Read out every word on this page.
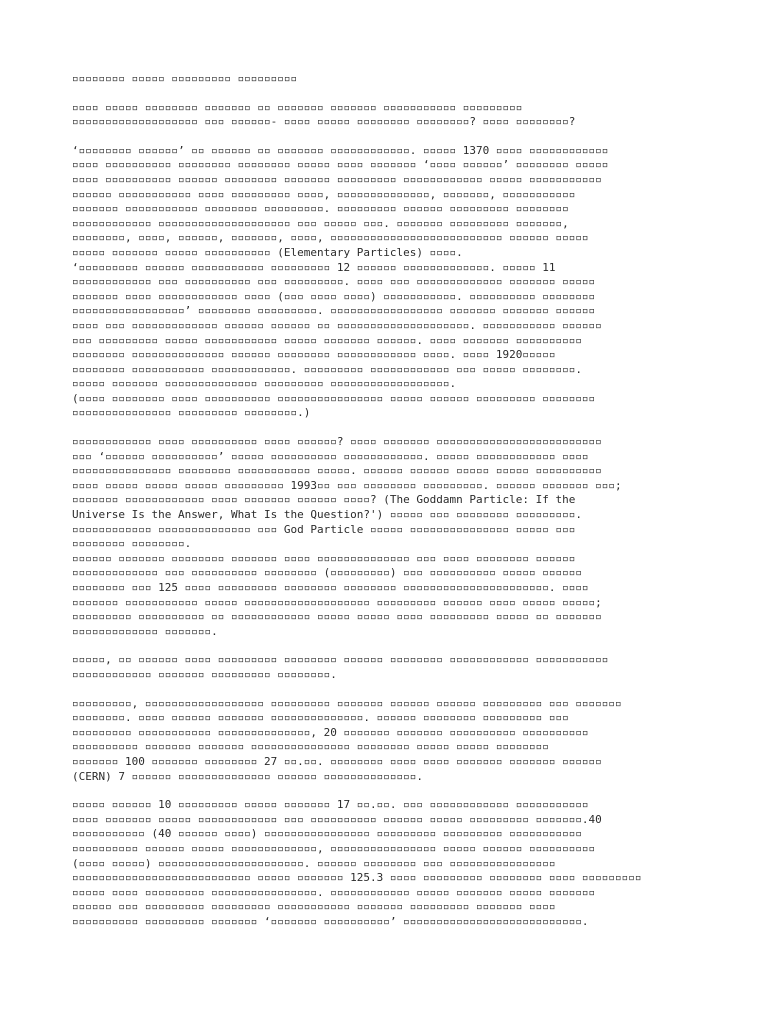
▫▫▫▫▫▫▫▫ ▫▫▫▫▫ ▫▫▫▫▫▫▫▫▫ ▫▫▫▫▫▫▫▫▫
▫▫▫▫ ▫▫▫▫▫ ▫▫▫▫▫▫▫▫ ▫▫▫▫▫▫▫ ▫▫ ▫▫▫▫▫▫▫ ▫▫▫▫▫▫▫ ▫▫▫▫▫▫▫▫▫▫▫ ▫▫▫▫▫▫▫▫▫
▫▫▫▫▫▫▫▫▫▫▫▫▫▫▫▫▫▫▫ ▫▫▫ ▫▫▫▫▫▫- ▫▫▫▫ ▫▫▫▫▫ ▫▫▫▫▫▫▫▫ ▫▫▫▫▫▫▫▫? ▫▫▫▫ ▫▫▫▫▫▫▫▫?
‘▫▫▫▫▫▫▫▫ ▫▫▫▫▫▫’ ▫▫ ▫▫▫▫▫▫ ▫▫ ▫▫▫▫▫▫▫ ▫▫▫▫▫▫▫▫▫▫▫▫. ▫▫▫▫▫ 1370 ▫▫▫▫ ▫▫▫▫▫▫▫▫▫▫▫▫
▫▫▫▫ ▫▫▫▫▫▫▫▫▫▫ ▫▫▫▫▫▫▫▫ ▫▫▫▫▫▫▫▫ ▫▫▫▫▫ ▫▫▫▫ ▫▫▫▫▫▫▫ ‘▫▫▫▫ ▫▫▫▫▫▫’ ▫▫▫▫▫▫▫▫ ▫▫▫▫▫
▫▫▫▫ ▫▫▫▫▫▫▫▫▫▫ ▫▫▫▫▫▫ ▫▫▫▫▫▫▫▫ ▫▫▫▫▫▫▫ ▫▫▫▫▫▫▫▫▫ ▫▫▫▫▫▫▫▫▫▫▫▫ ▫▫▫▫▫ ▫▫▫▫▫▫▫▫▫▫▫
▫▫▫▫▫▫ ▫▫▫▫▫▫▫▫▫▫▫ ▫▫▫▫ ▫▫▫▫▫▫▫▫▫ ▫▫▫▫, ▫▫▫▫▫▫▫▫▫▫▫▫▫▫, ▫▫▫▫▫▫▫, ▫▫▫▫▫▫▫▫▫▫▫
▫▫▫▫▫▫▫ ▫▫▫▫▫▫▫▫▫▫▫ ▫▫▫▫▫▫▫▫ ▫▫▫▫▫▫▫▫▫. ▫▫▫▫▫▫▫▫▫ ▫▫▫▫▫▫ ▫▫▫▫▫▫▫▫▫ ▫▫▫▫▫▫▫▫
▫▫▫▫▫▫▫▫▫▫▫▫ ▫▫▫▫▫▫▫▫▫▫▫▫▫▫▫▫▫▫▫▫ ▫▫▫ ▫▫▫▫▫ ▫▫▫. ▫▫▫▫▫▫▫ ▫▫▫▫▫▫▫▫▫ ▫▫▫▫▫▫▫,
▫▫▫▫▫▫▫▫, ▫▫▫▫, ▫▫▫▫▫▫, ▫▫▫▫▫▫▫, ▫▫▫▫, ▫▫▫▫▫▫▫▫▫▫▫▫▫▫▫▫▫▫▫▫▫▫▫▫▫▫ ▫▫▫▫▫▫ ▫▫▫▫▫
▫▫▫▫▫ ▫▫▫▫▫▫▫ ▫▫▫▫▫ ▫▫▫▫▫▫▫▫▫▫ (Elementary Particles) ▫▫▫▫.
‘▫▫▫▫▫▫▫▫▫ ▫▫▫▫▫▫ ▫▫▫▫▫▫▫▫▫▫▫ ▫▫▫▫▫▫▫▫▫ 12 ▫▫▫▫▫▫ ▫▫▫▫▫▫▫▫▫▫▫▫▫. ▫▫▫▫▫ 11
▫▫▫▫▫▫▫▫▫▫▫▫ ▫▫▫ ▫▫▫▫▫▫▫▫▫▫ ▫▫▫ ▫▫▫▫▫▫▫▫▫. ▫▫▫▫ ▫▫▫ ▫▫▫▫▫▫▫▫▫▫▫▫▫ ▫▫▫▫▫▫▫ ▫▫▫▫▫
▫▫▫▫▫▫▫ ▫▫▫▫ ▫▫▫▫▫▫▫▫▫▫▫▫ ▫▫▫▫ (▫▫▫ ▫▫▫▫ ▫▫▫▫) ▫▫▫▫▫▫▫▫▫▫▫. ▫▫▫▫▫▫▫▫▫▫ ▫▫▫▫▫▫▫▫
▫▫▫▫▫▫▫▫▫▫▫▫▫▫▫▫▫’ ▫▫▫▫▫▫▫▫ ▫▫▫▫▫▫▫▫▫. ▫▫▫▫▫▫▫▫▫▫▫▫▫▫▫▫▫ ▫▫▫▫▫▫▫ ▫▫▫▫▫▫▫ ▫▫▫▫▫▫
▫▫▫▫ ▫▫▫ ▫▫▫▫▫▫▫▫▫▫▫▫▫ ▫▫▫▫▫▫ ▫▫▫▫▫▫ ▫▫ ▫▫▫▫▫▫▫▫▫▫▫▫▫▫▫▫▫▫▫▫. ▫▫▫▫▫▫▫▫▫▫▫ ▫▫▫▫▫▫
▫▫▫ ▫▫▫▫▫▫▫▫▫ ▫▫▫▫▫ ▫▫▫▫▫▫▫▫▫▫▫ ▫▫▫▫▫ ▫▫▫▫▫▫▫ ▫▫▫▫▫▫. ▫▫▫▫ ▫▫▫▫▫▫▫ ▫▫▫▫▫▫▫▫▫▫
▫▫▫▫▫▫▫▫ ▫▫▫▫▫▫▫▫▫▫▫▫▫▫ ▫▫▫▫▫▫ ▫▫▫▫▫▫▫▫ ▫▫▫▫▫▫▫▫▫▫▫▫ ▫▫▫▫. ▫▫▫▫ 1920▫▫▫▫▫
▫▫▫▫▫▫▫▫ ▫▫▫▫▫▫▫▫▫▫▫ ▫▫▫▫▫▫▫▫▫▫▫▫. ▫▫▫▫▫▫▫▫▫ ▫▫▫▫▫▫▫▫▫▫▫▫ ▫▫▫ ▫▫▫▫▫ ▫▫▫▫▫▫▫▫.
▫▫▫▫▫ ▫▫▫▫▫▫▫ ▫▫▫▫▫▫▫▫▫▫▫▫▫▫ ▫▫▫▫▫▫▫▫▫ ▫▫▫▫▫▫▫▫▫▫▫▫▫▫▫▫▫▫.
(▫▫▫▫ ▫▫▫▫▫▫▫▫ ▫▫▫▫ ▫▫▫▫▫▫▫▫▫▫ ▫▫▫▫▫▫▫▫▫▫▫▫▫▫▫▫ ▫▫▫▫▫ ▫▫▫▫▫▫ ▫▫▫▫▫▫▫▫▫ ▫▫▫▫▫▫▫▫
▫▫▫▫▫▫▫▫▫▫▫▫▫▫▫ ▫▫▫▫▫▫▫▫▫ ▫▫▫▫▫▫▫▫.)
▫▫▫▫▫▫▫▫▫▫▫▫ ▫▫▫▫ ▫▫▫▫▫▫▫▫▫▫ ▫▫▫▫ ▫▫▫▫▫▫? ▫▫▫▫ ▫▫▫▫▫▫▫ ▫▫▫▫▫▫▫▫▫▫▫▫▫▫▫▫▫▫▫▫▫▫▫▫▫
▫▫▫ ‘▫▫▫▫▫▫ ▫▫▫▫▫▫▫▫▫▫’ ▫▫▫▫▫ ▫▫▫▫▫▫▫▫▫▫ ▫▫▫▫▫▫▫▫▫▫▫▫. ▫▫▫▫▫ ▫▫▫▫▫▫▫▫▫▫▫▫ ▫▫▫▫
▫▫▫▫▫▫▫▫▫▫▫▫▫▫▫ ▫▫▫▫▫▫▫▫ ▫▫▫▫▫▫▫▫▫▫▫ ▫▫▫▫▫. ▫▫▫▫▫▫ ▫▫▫▫▫▫ ▫▫▫▫▫ ▫▫▫▫▫ ▫▫▫▫▫▫▫▫▫▫
▫▫▫▫ ▫▫▫▫▫ ▫▫▫▫▫ ▫▫▫▫▫ ▫▫▫▫▫▫▫▫▫ 1993▫▫ ▫▫▫ ▫▫▫▫▫▫▫▫ ▫▫▫▫▫▫▫▫▫. ▫▫▫▫▫▫ ▫▫▫▫▫▫▫ ▫▫▫;
▫▫▫▫▫▫▫ ▫▫▫▫▫▫▫▫▫▫▫▫ ▫▫▫▫ ▫▫▫▫▫▫▫ ▫▫▫▫▫▫ ▫▫▫▫? (The Goddamn Particle: If the
Universe Is the Answer, What Is the Question?') ▫▫▫▫▫ ▫▫▫ ▫▫▫▫▫▫▫▫ ▫▫▫▫▫▫▫▫▫.
▫▫▫▫▫▫▫▫▫▫▫▫ ▫▫▫▫▫▫▫▫▫▫▫▫▫▫ ▫▫▫ God Particle ▫▫▫▫▫ ▫▫▫▫▫▫▫▫▫▫▫▫▫▫▫ ▫▫▫▫▫ ▫▫▫
▫▫▫▫▫▫▫▫ ▫▫▫▫▫▫▫▫.
▫▫▫▫▫▫ ▫▫▫▫▫▫▫ ▫▫▫▫▫▫▫▫ ▫▫▫▫▫▫▫ ▫▫▫▫ ▫▫▫▫▫▫▫▫▫▫▫▫▫▫ ▫▫▫ ▫▫▫▫ ▫▫▫▫▫▫▫▫ ▫▫▫▫▫▫
▫▫▫▫▫▫▫▫▫▫▫▫▫ ▫▫▫ ▫▫▫▫▫▫▫▫▫▫ ▫▫▫▫▫▫▫▫ (▫▫▫▫▫▫▫▫▫) ▫▫▫ ▫▫▫▫▫▫▫▫▫▫ ▫▫▫▫▫ ▫▫▫▫▫▫
▫▫▫▫▫▫▫▫ ▫▫▫ 125 ▫▫▫▫ ▫▫▫▫▫▫▫▫▫ ▫▫▫▫▫▫▫▫ ▫▫▫▫▫▫▫▫ ▫▫▫▫▫▫▫▫▫▫▫▫▫▫▫▫▫▫▫▫▫▫. ▫▫▫▫
▫▫▫▫▫▫▫ ▫▫▫▫▫▫▫▫▫▫▫ ▫▫▫▫▫ ▫▫▫▫▫▫▫▫▫▫▫▫▫▫▫▫▫▫▫ ▫▫▫▫▫▫▫▫▫ ▫▫▫▫▫▫ ▫▫▫▫ ▫▫▫▫▫ ▫▫▫▫▫;
▫▫▫▫▫▫▫▫▫ ▫▫▫▫▫▫▫▫▫▫ ▫▫ ▫▫▫▫▫▫▫▫▫▫▫▫ ▫▫▫▫▫ ▫▫▫▫▫ ▫▫▫▫ ▫▫▫▫▫▫▫▫▫ ▫▫▫▫▫ ▫▫ ▫▫▫▫▫▫▫
▫▫▫▫▫▫▫▫▫▫▫▫▫ ▫▫▫▫▫▫▫.
▫▫▫▫▫, ▫▫ ▫▫▫▫▫▫ ▫▫▫▫ ▫▫▫▫▫▫▫▫▫ ▫▫▫▫▫▫▫▫ ▫▫▫▫▫▫ ▫▫▫▫▫▫▫▫ ▫▫▫▫▫▫▫▫▫▫▫▫ ▫▫▫▫▫▫▫▫▫▫▫
▫▫▫▫▫▫▫▫▫▫▫▫ ▫▫▫▫▫▫▫ ▫▫▫▫▫▫▫▫▫ ▫▫▫▫▫▫▫▫.
▫▫▫▫▫▫▫▫▫, ▫▫▫▫▫▫▫▫▫▫▫▫▫▫▫▫▫▫ ▫▫▫▫▫▫▫▫▫ ▫▫▫▫▫▫▫ ▫▫▫▫▫▫ ▫▫▫▫▫▫ ▫▫▫▫▫▫▫▫▫ ▫▫▫ ▫▫▫▫▫▫▫
▫▫▫▫▫▫▫▫. ▫▫▫▫ ▫▫▫▫▫▫ ▫▫▫▫▫▫▫ ▫▫▫▫▫▫▫▫▫▫▫▫▫▫. ▫▫▫▫▫▫ ▫▫▫▫▫▫▫▫ ▫▫▫▫▫▫▫▫▫ ▫▫▫
▫▫▫▫▫▫▫▫▫ ▫▫▫▫▫▫▫▫▫▫▫ ▫▫▫▫▫▫▫▫▫▫▫▫▫▫, 20 ▫▫▫▫▫▫▫ ▫▫▫▫▫▫▫ ▫▫▫▫▫▫▫▫▫▫ ▫▫▫▫▫▫▫▫▫▫
▫▫▫▫▫▫▫▫▫▫ ▫▫▫▫▫▫▫ ▫▫▫▫▫▫▫ ▫▫▫▫▫▫▫▫▫▫▫▫▫▫▫ ▫▫▫▫▫▫▫▫ ▫▫▫▫▫ ▫▫▫▫▫ ▫▫▫▫▫▫▫▫
▫▫▫▫▫▫▫ 100 ▫▫▫▫▫▫▫ ▫▫▫▫▫▫▫▫ 27 ▫▫.▫▫. ▫▫▫▫▫▫▫▫ ▫▫▫▫ ▫▫▫▫ ▫▫▫▫▫▫▫ ▫▫▫▫▫▫▫ ▫▫▫▫▫▫
(CERN) 7 ▫▫▫▫▫▫ ▫▫▫▫▫▫▫▫▫▫▫▫▫▫ ▫▫▫▫▫▫ ▫▫▫▫▫▫▫▫▫▫▫▫▫▫.
▫▫▫▫▫ ▫▫▫▫▫▫ 10 ▫▫▫▫▫▫▫▫▫ ▫▫▫▫▫ ▫▫▫▫▫▫▫ 17 ▫▫.▫▫. ▫▫▫ ▫▫▫▫▫▫▫▫▫▫▫▫ ▫▫▫▫▫▫▫▫▫▫▫
▫▫▫▫ ▫▫▫▫▫▫▫ ▫▫▫▫▫ ▫▫▫▫▫▫▫▫▫▫▫▫ ▫▫▫ ▫▫▫▫▫▫▫▫▫▫ ▫▫▫▫▫▫ ▫▫▫▫▫ ▫▫▫▫▫▫▫▫▫ ▫▫▫▫▫▫▫.40
▫▫▫▫▫▫▫▫▫▫▫ (40 ▫▫▫▫▫▫ ▫▫▫▫) ▫▫▫▫▫▫▫▫▫▫▫▫▫▫▫▫ ▫▫▫▫▫▫▫▫▫ ▫▫▫▫▫▫▫▫▫ ▫▫▫▫▫▫▫▫▫▫▫
▫▫▫▫▫▫▫▫▫▫ ▫▫▫▫▫▫ ▫▫▫▫▫ ▫▫▫▫▫▫▫▫▫▫▫▫▫, ▫▫▫▫▫▫▫▫▫▫▫▫▫▫▫▫ ▫▫▫▫▫ ▫▫▫▫▫▫ ▫▫▫▫▫▫▫▫▫▫
(▫▫▫▫ ▫▫▫▫▫) ▫▫▫▫▫▫▫▫▫▫▫▫▫▫▫▫▫▫▫▫▫▫. ▫▫▫▫▫▫ ▫▫▫▫▫▫▫▫ ▫▫▫ ▫▫▫▫▫▫▫▫▫▫▫▫▫▫▫▫
▫▫▫▫▫▫▫▫▫▫▫▫▫▫▫▫▫▫▫▫▫▫▫▫▫▫▫ ▫▫▫▫▫ ▫▫▫▫▫▫▫ 125.3 ▫▫▫▫ ▫▫▫▫▫▫▫▫▫ ▫▫▫▫▫▫▫▫ ▫▫▫▫ ▫▫▫▫▫▫▫▫▫
▫▫▫▫▫ ▫▫▫▫ ▫▫▫▫▫▫▫▫▫ ▫▫▫▫▫▫▫▫▫▫▫▫▫▫▫▫. ▫▫▫▫▫▫▫▫▫▫▫▫ ▫▫▫▫▫ ▫▫▫▫▫▫▫ ▫▫▫▫▫ ▫▫▫▫▫▫▫
▫▫▫▫▫▫ ▫▫▫ ▫▫▫▫▫▫▫▫▫ ▫▫▫▫▫▫▫▫▫ ▫▫▫▫▫▫▫▫▫▫▫ ▫▫▫▫▫▫▫ ▫▫▫▫▫▫▫▫▫ ▫▫▫▫▫▫▫ ▫▫▫▫
▫▫▫▫▫▫▫▫▫▫ ▫▫▫▫▫▫▫▫▫ ▫▫▫▫▫▫▫ ‘▫▫▫▫▫▫▫ ▫▫▫▫▫▫▫▫▫▫’ ▫▫▫▫▫▫▫▫▫▫▫▫▫▫▫▫▫▫▫▫▫▫▫▫▫▫▫.
